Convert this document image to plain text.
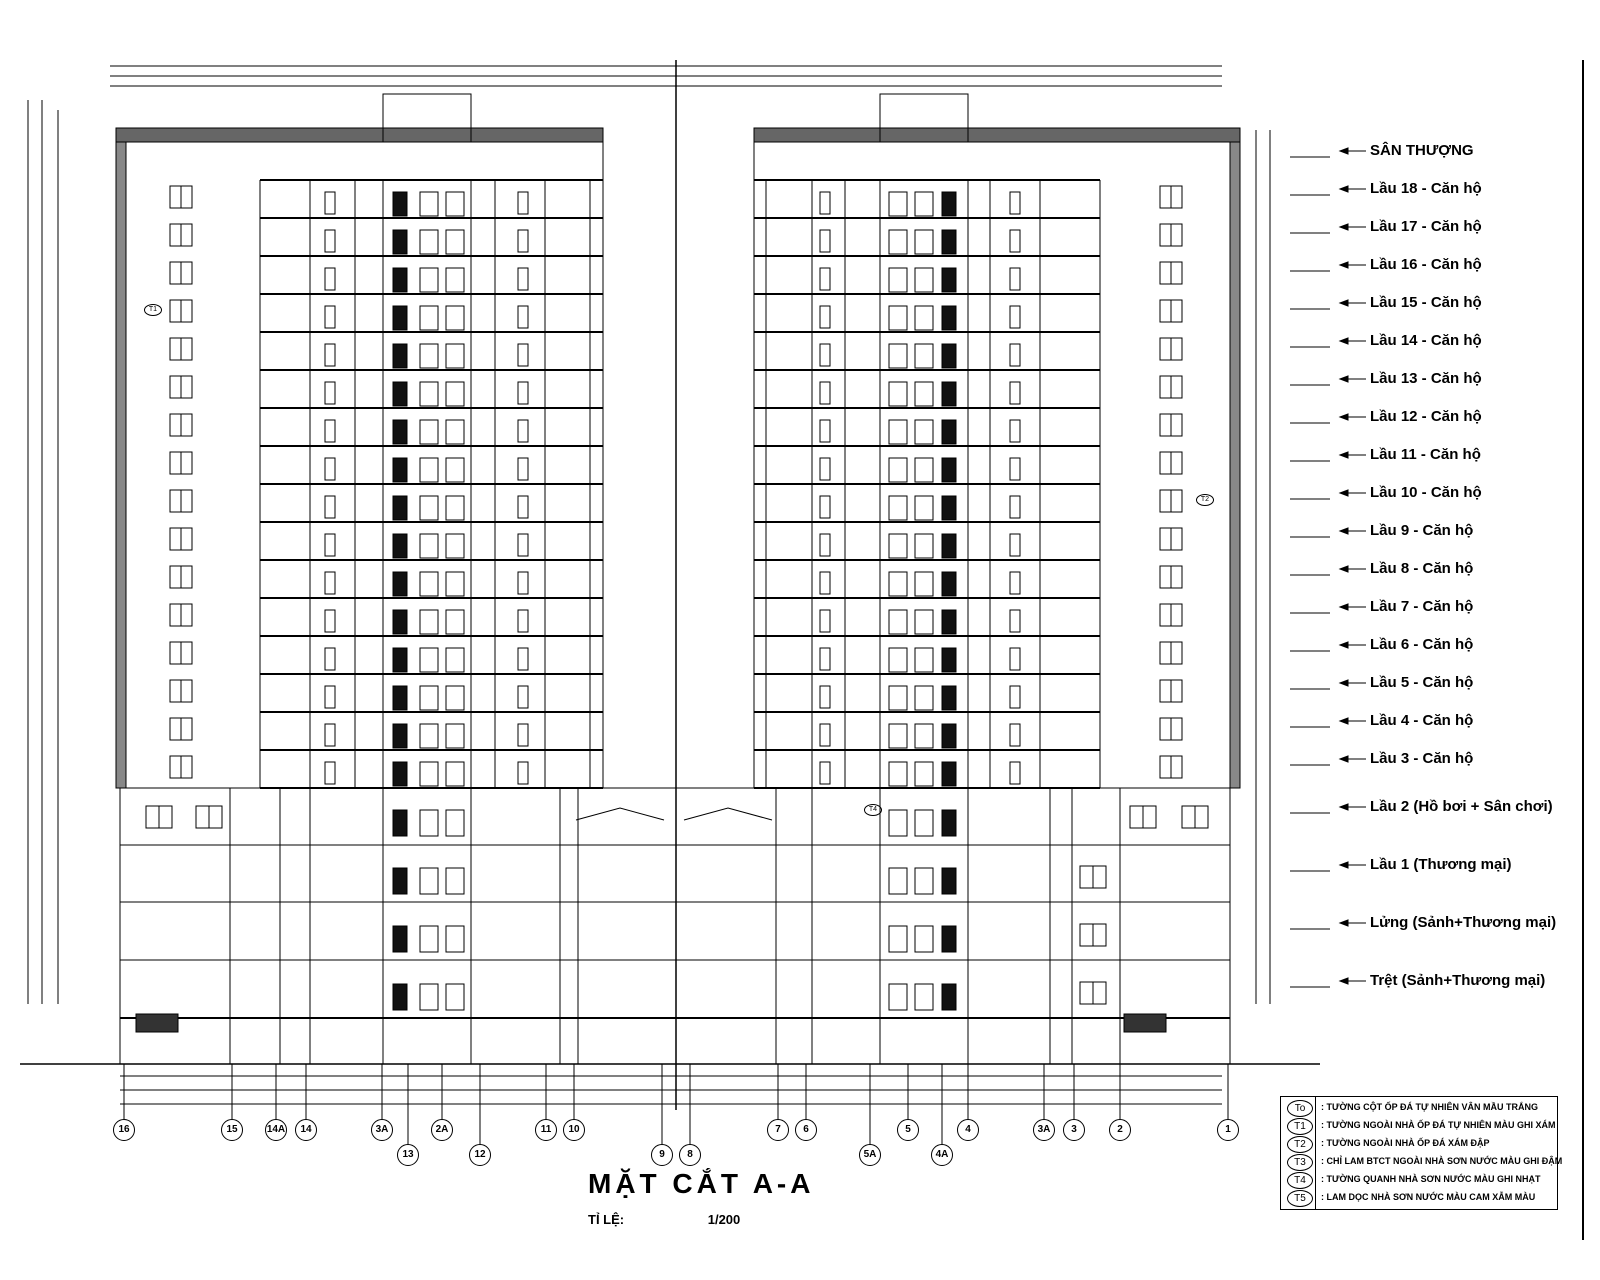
SÂN THƯỢNG
Lầu 18 - Căn hộ
Lầu 17 - Căn hộ
Lầu 16 - Căn hộ
Lầu 15 - Căn hộ
Lầu 14 - Căn hộ
Lầu 13 - Căn hộ
Lầu 12 - Căn hộ
Lầu 11 - Căn hộ
Lầu 10 - Căn hộ
Lầu 9 - Căn hộ
Lầu 8 - Căn hộ
Lầu 7 - Căn hộ
Lầu 6 - Căn hộ
Lầu 5 - Căn hộ
Lầu 4 - Căn hộ
Lầu 3 - Căn hộ
Lầu 2 (Hồ bơi + Sân chơi)
Lầu 1 (Thương mại)
Lửng (Sảnh+Thương mại)
Trệt (Sảnh+Thương mại)
T1
T2
T4
16	15	14A	14	3A	2A	11	10	7	6	5	4	3A	3	2	1
13	12	9	8	5A	4A
MẶT CẮT A-A
TỈ LỆ:	1/200
To	: TƯỜNG CỘT ỐP ĐÁ TỰ NHIÊN VÂN MẦU TRẮNG
T1	: TƯỜNG NGOÀI NHÀ ỐP ĐÁ TỰ NHIÊN MÀU GHI XÁM
T2	: TƯỜNG NGOÀI NHÀ ỐP ĐÁ XÁM ĐẬP
T3	: CHỈ LAM BTCT NGOÀI NHÀ SƠN NƯỚC MÀU GHI ĐẬM
T4	: TƯỜNG QUANH NHÀ SƠN NƯỚC MÀU GHI NHẠT
T5	: LAM DỌC NHÀ SƠN NƯỚC MÀU CAM XẪM MÀU
